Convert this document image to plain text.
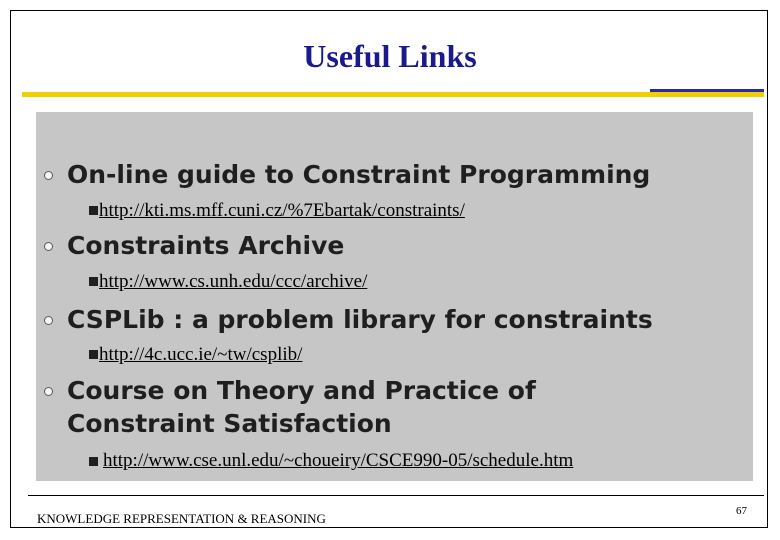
Useful Links
On-line guide to Constraint Programming
http://kti.ms.mff.cuni.cz/%7Ebartak/constraints/
Constraints Archive
http://www.cs.unh.edu/ccc/archive/
CSPLib : a problem library for constraints
http://4c.ucc.ie/~tw/csplib/
Course on Theory and Practice of
Constraint Satisfaction
http://www.cse.unl.edu/~choueiry/CSCE990-05/schedule.htm
KNOWLEDGE REPRESENTATION & REASONING	67
